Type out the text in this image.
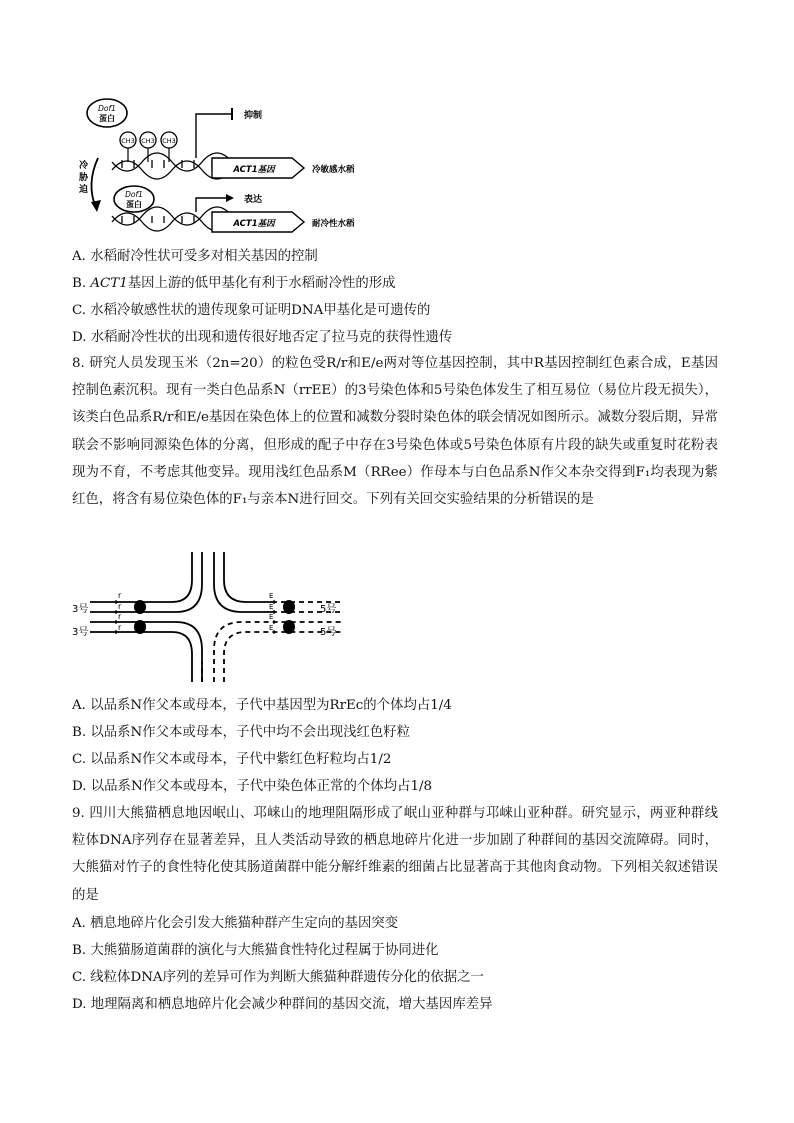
Dof1
蛋白
CH3 CH3 CH3
ACT1基因
抑制
冷敏感水稻
冷
胁
迫	Dof1
蛋白
ACT1基因
表达
耐冷性水稻
A. 水稻耐冷性状可受多对相关基因的控制
B. ACT1基因上游的低甲基化有利于水稻耐冷性的形成
C. 水稻冷敏感性状的遗传现象可证明DNA甲基化是可遗传的
D. 水稻耐冷性状的出现和遗传很好地否定了拉马克的获得性遗传
8. 研究人员发现玉米（2n=20）的粒色受R/r和E/e两对等位基因控制，其中R基因控制红色素合成，E基因控制色素沉积。现有一类白色品系N（rrEE）的3号染色体和5号染色体发生了相互易位（易位片段无损失），该类白色品系R/r和E/e基因在染色体上的位置和减数分裂时染色体的联会情况如图所示。减数分裂后期，异常联会不影响同源染色体的分离，但形成的配子中存在3号染色体或5号染色体原有片段的缺失或重复时花粉表现为不育，不考虑其他变异。现用浅红色品系M（RRee）作母本与白色品系N作父本杂交得到F₁均表现为紫红色，将含有易位染色体的F₁与亲本N进行回交。下列有关回交实验结果的分析错误的是
r
r
r
r
E
E
E
E
3号
3号
5号
5号
A. 以品系N作父本或母本，子代中基因型为RrEc的个体均占1/4
B. 以品系N作父本或母本，子代中均不会出现浅红色籽粒
C. 以品系N作父本或母本，子代中紫红色籽粒均占1/2
D. 以品系N作父本或母本，子代中染色体正常的个体均占1/8
9. 四川大熊猫栖息地因岷山、邛崃山的地理阻隔形成了岷山亚种群与邛崃山亚种群。研究显示，两亚种群线粒体DNA序列存在显著差异，且人类活动导致的栖息地碎片化进一步加剧了种群间的基因交流障碍。同时，大熊猫对竹子的食性特化使其肠道菌群中能分解纤维素的细菌占比显著高于其他肉食动物。下列相关叙述错误的是
A. 栖息地碎片化会引发大熊猫种群产生定向的基因突变
B. 大熊猫肠道菌群的演化与大熊猫食性特化过程属于协同进化
C. 线粒体DNA序列的差异可作为判断大熊猫种群遗传分化的依据之一
D. 地理隔离和栖息地碎片化会减少种群间的基因交流，增大基因库差异
